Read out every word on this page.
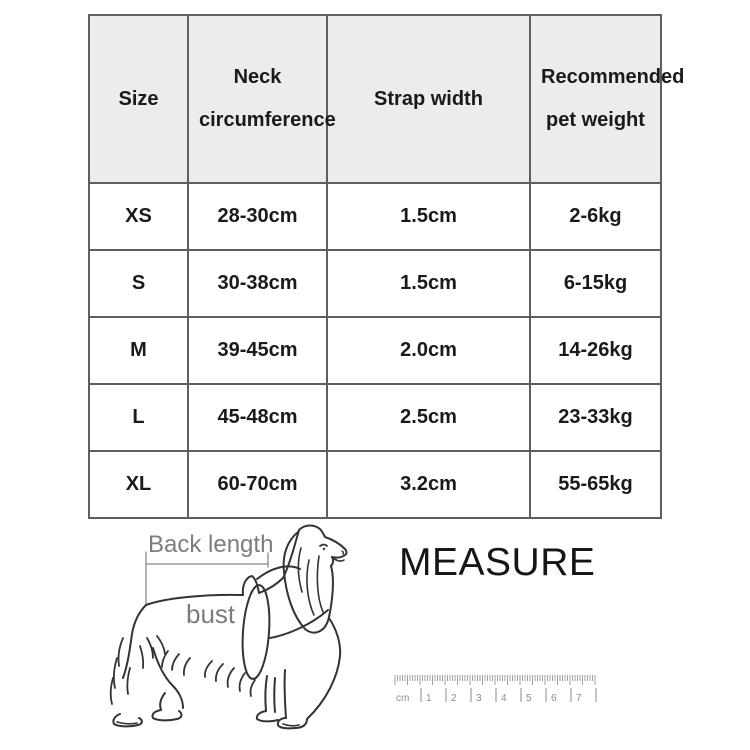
Size	Neck circumference	Strap width	Recommended pet weight
XS	28-30cm	1.5cm	2-6kg
S	30-38cm	1.5cm	6-15kg
M	39-45cm	2.0cm	14-26kg
L	45-48cm	2.5cm	23-33kg
XL	60-70cm	3.2cm	55-65kg
Back length
bust
MEASURE
1 2 3 4 5 6 7
cm
